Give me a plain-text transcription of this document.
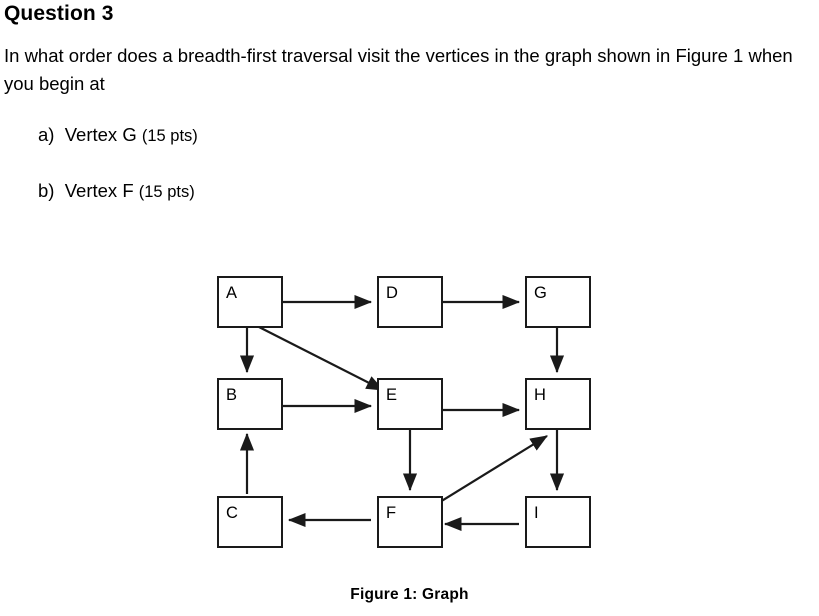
Question 3
In what order does a breadth-first traversal visit the vertices in the graph shown in Figure 1 when you begin at
a)  Vertex G (15 pts)
b)  Vertex F (15 pts)
A	D	G
B	E	H
C	F	I
Figure 1: Graph
